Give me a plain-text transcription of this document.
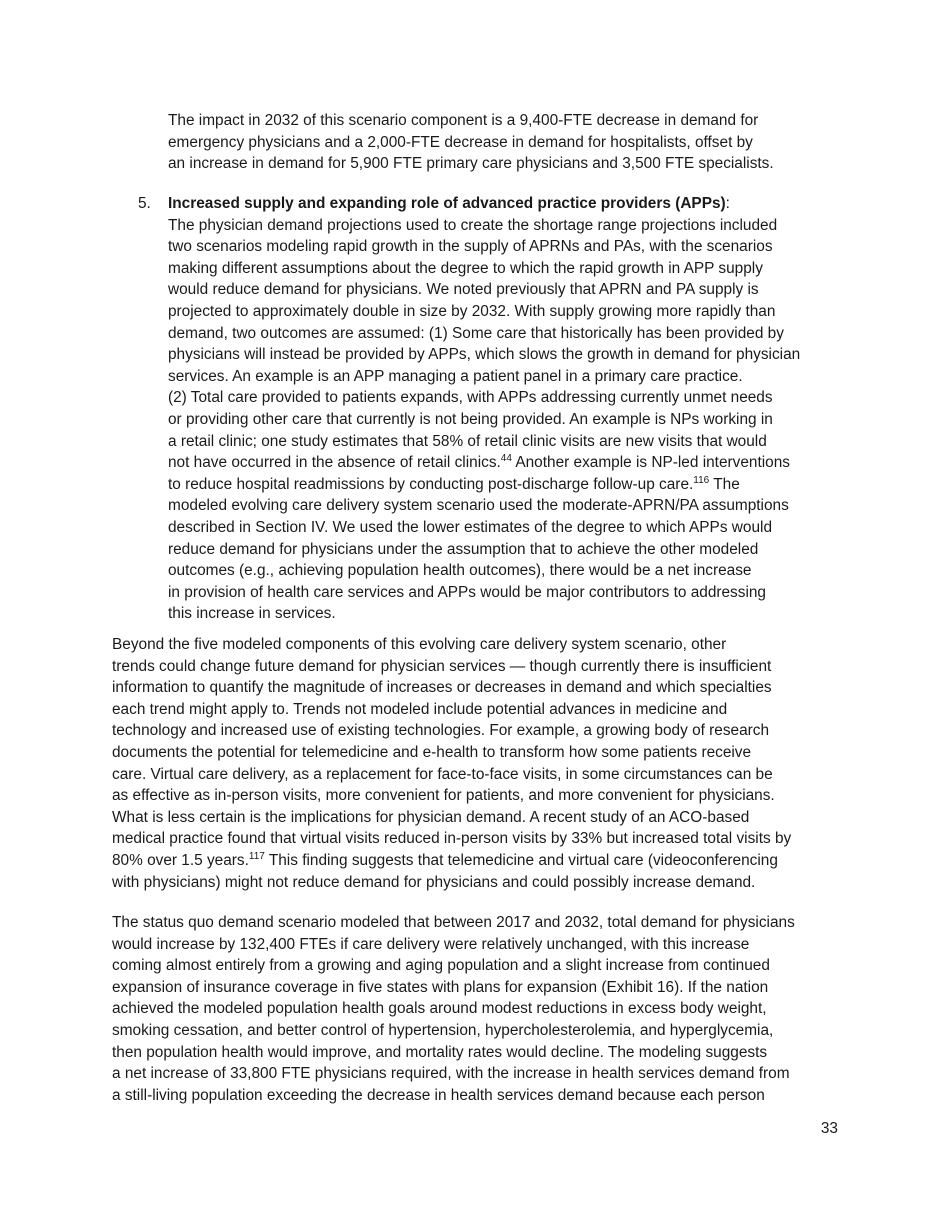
The impact in 2032 of this scenario component is a 9,400-FTE decrease in demand for
emergency physicians and a 2,000-FTE decrease in demand for hospitalists, offset by
an increase in demand for 5,900 FTE primary care physicians and 3,500 FTE specialists.
5. Increased supply and expanding role of advanced practice providers (APPs):
The physician demand projections used to create the shortage range projections included
two scenarios modeling rapid growth in the supply of APRNs and PAs, with the scenarios
making different assumptions about the degree to which the rapid growth in APP supply
would reduce demand for physicians. We noted previously that APRN and PA supply is
projected to approximately double in size by 2032. With supply growing more rapidly than
demand, two outcomes are assumed: (1) Some care that historically has been provided by
physicians will instead be provided by APPs, which slows the growth in demand for physician
services. An example is an APP managing a patient panel in a primary care practice.
(2) Total care provided to patients expands, with APPs addressing currently unmet needs
or providing other care that currently is not being provided. An example is NPs working in
a retail clinic; one study estimates that 58% of retail clinic visits are new visits that would
not have occurred in the absence of retail clinics.$^{44}$ Another example is NP-led interventions
to reduce hospital readmissions by conducting post-discharge follow-up care.$^{116}$ The
modeled evolving care delivery system scenario used the moderate-APRN/PA assumptions
described in Section IV. We used the lower estimates of the degree to which APPs would
reduce demand for physicians under the assumption that to achieve the other modeled
outcomes (e.g., achieving population health outcomes), there would be a net increase
in provision of health care services and APPs would be major contributors to addressing
this increase in services.
Beyond the five modeled components of this evolving care delivery system scenario, other
trends could change future demand for physician services — though currently there is insufficient
information to quantify the magnitude of increases or decreases in demand and which specialties
each trend might apply to. Trends not modeled include potential advances in medicine and
technology and increased use of existing technologies. For example, a growing body of research
documents the potential for telemedicine and e-health to transform how some patients receive
care. Virtual care delivery, as a replacement for face-to-face visits, in some circumstances can be
as effective as in-person visits, more convenient for patients, and more convenient for physicians.
What is less certain is the implications for physician demand. A recent study of an ACO-based
medical practice found that virtual visits reduced in-person visits by 33% but increased total visits by
80% over 1.5 years.$^{117}$ This finding suggests that telemedicine and virtual care (videoconferencing
with physicians) might not reduce demand for physicians and could possibly increase demand.
The status quo demand scenario modeled that between 2017 and 2032, total demand for physicians
would increase by 132,400 FTEs if care delivery were relatively unchanged, with this increase
coming almost entirely from a growing and aging population and a slight increase from continued
expansion of insurance coverage in five states with plans for expansion (Exhibit 16). If the nation
achieved the modeled population health goals around modest reductions in excess body weight,
smoking cessation, and better control of hypertension, hypercholesterolemia, and hyperglycemia,
then population health would improve, and mortality rates would decline. The modeling suggests
a net increase of 33,800 FTE physicians required, with the increase in health services demand from
a still-living population exceeding the decrease in health services demand because each person
33
